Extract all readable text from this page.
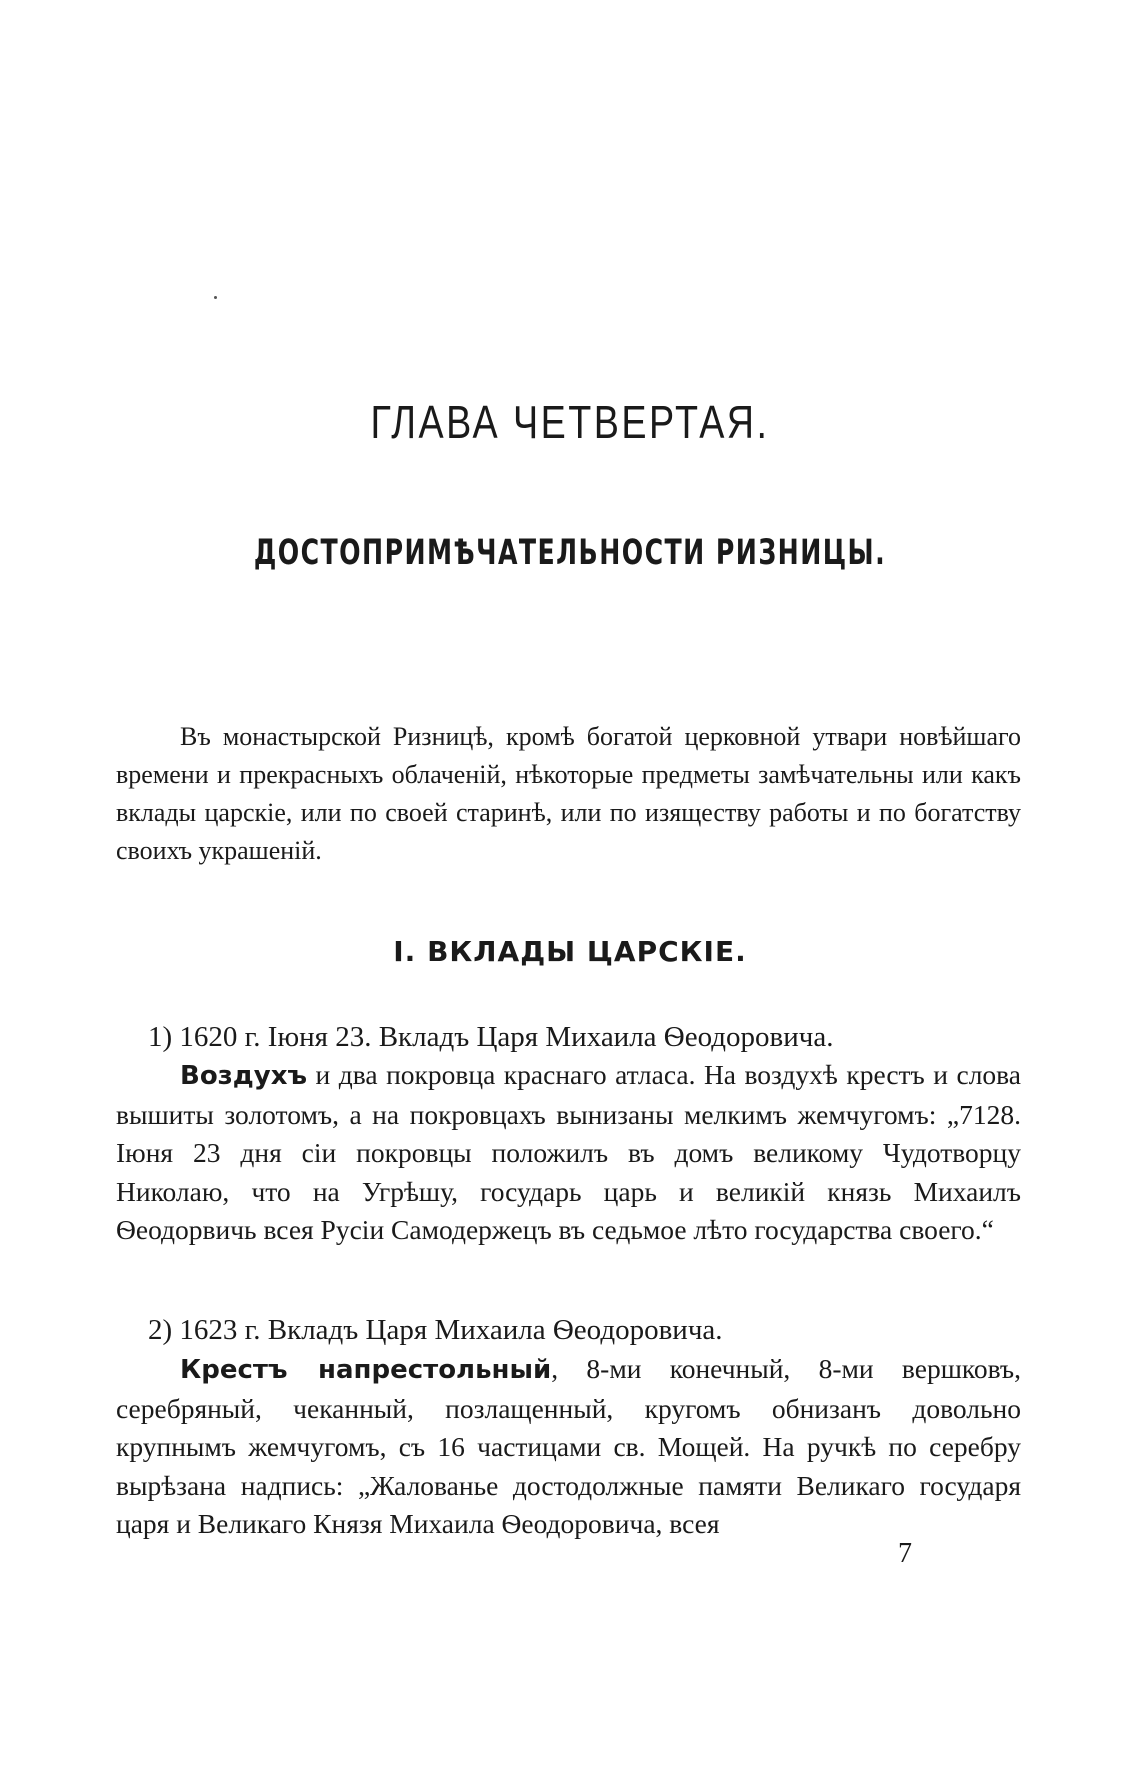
ГЛАВА ЧЕТВЕРТАЯ.
ДОСТОПРИМѢЧАТЕЛЬНОСТИ РИЗНИЦЫ.

Въ монастырской Ризницѣ, кромѣ богатой церковной утвари новѣйшаго времени и прекрасныхъ облаченій, нѣкоторые предметы замѣчательны или какъ вклады царскіе, или по своей старинѣ, или по изяществу работы и по богатству своихъ украшеній.

I. ВКЛАДЫ ЦАРСКІЕ.
1) 1620 г. Іюня 23. Вкладъ Царя Михаила Ѳеодоровича.

Воздухъ и два покровца краснаго атласа. На воздухѣ крестъ и слова вышиты золотомъ, а на покровцахъ вынизаны мелкимъ жемчугомъ: „7128. Іюня 23 дня сіи покровцы положилъ въ домъ великому Чудотворцу Николаю, что на Угрѣшу, государь царь и великій князь Михаилъ Ѳеодорвичь всея Русіи Самодержецъ въ седьмое лѣто государства своего.“

2) 1623 г. Вкладъ Царя Михаила Ѳеодоровича.

Крестъ напрестольный, 8-ми конечный, 8-ми вершковъ, серебряный, чеканный, позлащенный, кругомъ обнизанъ довольно крупнымъ жемчугомъ, съ 16 частицами св. Мощей. На ручкѣ по серебру вырѣзана надпись: „Жалованье достодолжные памяти Великаго государя царя и Великаго Князя Михаила Ѳеодоровича, всея

7
